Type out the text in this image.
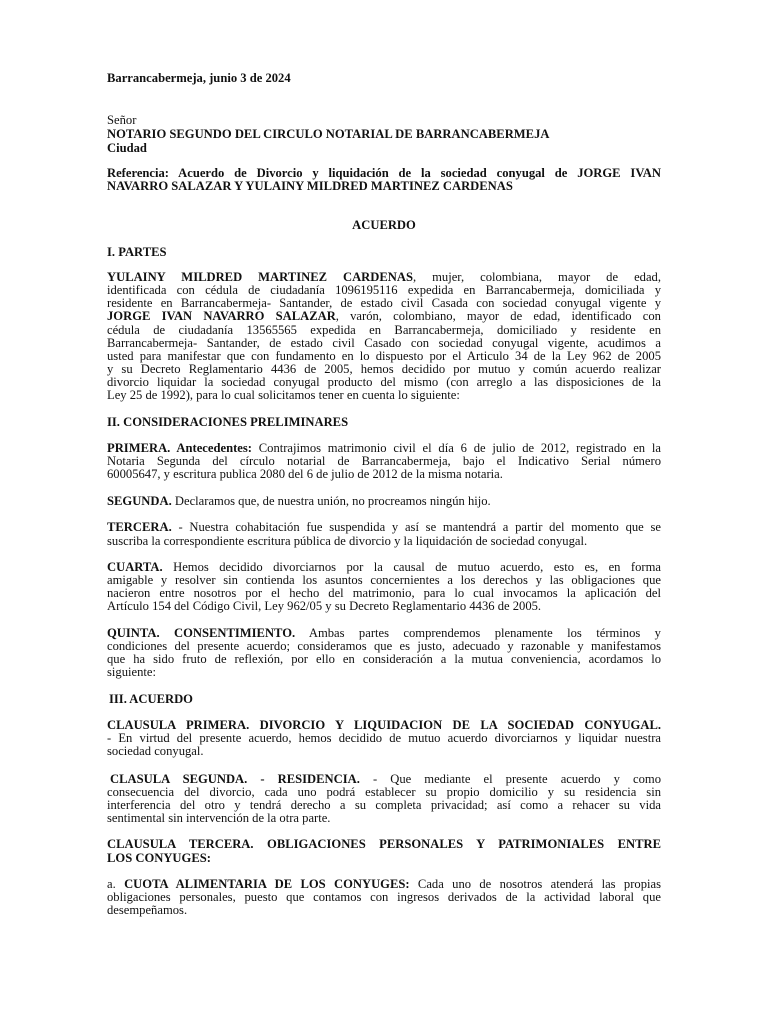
Barrancabermeja, junio 3 de 2024
Señor
NOTARIO SEGUNDO DEL CIRCULO NOTARIAL DE BARRANCABERMEJA
Ciudad
Referencia: Acuerdo de Divorcio y liquidación de la sociedad conyugal de JORGE IVAN
NAVARRO SALAZAR Y YULAINY MILDRED MARTINEZ CARDENAS
ACUERDO
I. PARTES
YULAINY MILDRED MARTINEZ CARDENAS, mujer, colombiana, mayor de edad,
identificada con cédula de ciudadanía 1096195116 expedida en Barrancabermeja, domiciliada y
residente en Barrancabermeja- Santander, de estado civil Casada con sociedad conyugal vigente y
JORGE IVAN NAVARRO SALAZAR, varón, colombiano, mayor de edad, identificado con
cédula de ciudadanía 13565565 expedida en Barrancabermeja, domiciliado y residente en
Barrancabermeja- Santander, de estado civil Casado con sociedad conyugal vigente, acudimos a
usted para manifestar que con fundamento en lo dispuesto por el Articulo 34 de la Ley 962 de 2005
y su Decreto Reglamentario 4436 de 2005, hemos decidido por mutuo y común acuerdo realizar
divorcio liquidar la sociedad conyugal producto del mismo (con arreglo a las disposiciones de la
Ley 25 de 1992), para lo cual solicitamos tener en cuenta lo siguiente:
II. CONSIDERACIONES PRELIMINARES
PRIMERA. Antecedentes: Contrajimos matrimonio civil el día 6 de julio de 2012, registrado en la
Notaria Segunda del círculo notarial de Barrancabermeja, bajo el Indicativo Serial número
60005647, y escritura publica 2080 del 6 de julio de 2012 de la misma notaria.
SEGUNDA. Declaramos que, de nuestra unión, no procreamos ningún hijo.
TERCERA. - Nuestra cohabitación fue suspendida y así se mantendrá a partir del momento que se
suscriba la correspondiente escritura pública de divorcio y la liquidación de sociedad conyugal.
CUARTA. Hemos decidido divorciarnos por la causal de mutuo acuerdo, esto es, en forma
amigable y resolver sin contienda los asuntos concernientes a los derechos y las obligaciones que
nacieron entre nosotros por el hecho del matrimonio, para lo cual invocamos la aplicación del
Artículo 154 del Código Civil, Ley 962/05 y su Decreto Reglamentario 4436 de 2005.
QUINTA. CONSENTIMIENTO. Ambas partes comprendemos plenamente los términos y
condiciones del presente acuerdo; consideramos que es justo, adecuado y razonable y manifestamos
que ha sido fruto de reflexión, por ello en consideración a la mutua conveniencia, acordamos lo
siguiente:
III. ACUERDO
CLAUSULA PRIMERA. DIVORCIO Y LIQUIDACION DE LA SOCIEDAD CONYUGAL.
- En virtud del presente acuerdo, hemos decidido de mutuo acuerdo divorciarnos y liquidar nuestra
sociedad conyugal.
CLASULA SEGUNDA. - RESIDENCIA. - Que mediante el presente acuerdo y como
consecuencia del divorcio, cada uno podrá establecer su propio domicilio y su residencia sin
interferencia del otro y tendrá derecho a su completa privacidad; así como a rehacer su vida
sentimental sin intervención de la otra parte.
CLAUSULA TERCERA. OBLIGACIONES PERSONALES Y PATRIMONIALES ENTRE
LOS CONYUGES:
a. CUOTA ALIMENTARIA DE LOS CONYUGES: Cada uno de nosotros atenderá las propias
obligaciones personales, puesto que contamos con ingresos derivados de la actividad laboral que
desempeñamos.
